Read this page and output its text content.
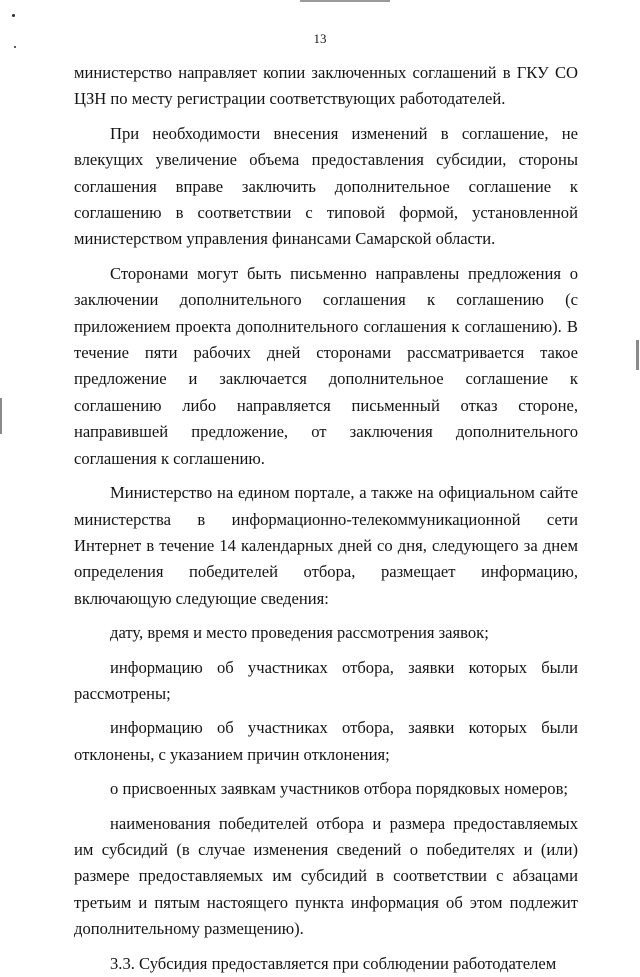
13

министерство направляет копии заключенных соглашений в ГКУ СО ЦЗН по месту регистрации соответствующих работодателей.

При необходимости внесения изменений в соглашение, не влекущих увеличение объема предоставления субсидии, стороны соглашения вправе заключить дополнительное соглашение к соглашению в соответствии с типовой формой, установленной министерством управления финансами Самарской области.

Сторонами могут быть письменно направлены предложения о заключении дополнительного соглашения к соглашению (с приложением проекта дополнительного соглашения к соглашению). В течение пяти рабочих дней сторонами рассматривается такое предложение и заключается дополнительное соглашение к соглашению либо направляется письменный отказ стороне, направившей предложение, от заключения дополнительного соглашения к соглашению.

Министерство на едином портале, а также на официальном сайте министерства в информационно-телекоммуникационной сети Интернет в течение 14 календарных дней со дня, следующего за днем определения победителей отбора, размещает информацию, включающую следующие сведения:

дату, время и место проведения рассмотрения заявок;

информацию об участниках отбора, заявки которых были рассмотрены;

информацию об участниках отбора, заявки которых были отклонены, с указанием причин отклонения;

о присвоенных заявкам участников отбора порядковых номеров;

наименования победителей отбора и размера предоставляемых им субсидий (в случае изменения сведений о победителях и (или) размере предоставляемых им субсидий в соответствии с абзацами третьим и пятым настоящего пункта информация об этом подлежит дополнительному размещению).

3.3. Субсидия предоставляется при соблюдении работодателем
